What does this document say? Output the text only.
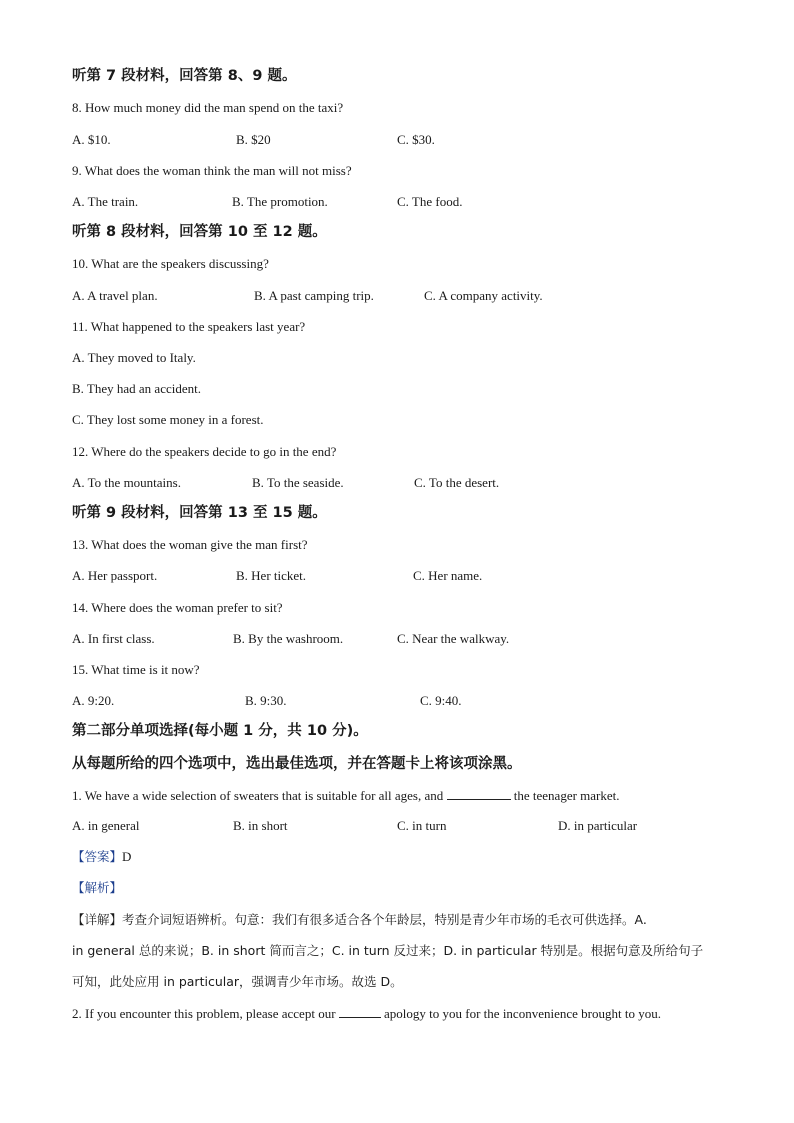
听第 7 段材料，回答第 8、9 题。
8. How much money did the man spend on the taxi?
A. $10.	B. $20	C. $30.
9. What does the woman think the man will not miss?
A. The train.	B. The promotion.	C. The food.
听第 8 段材料，回答第 10 至 12 题。
10. What are the speakers discussing?
A. A travel plan.	B. A past camping trip.	C. A company activity.
11. What happened to the speakers last year?
A. They moved to Italy.
B. They had an accident.
C. They lost some money in a forest.
12. Where do the speakers decide to go in the end?
A. To the mountains.	B. To the seaside.	C. To the desert.
听第 9 段材料，回答第 13 至 15 题。
13. What does the woman give the man first?
A. Her passport.	B. Her ticket.	C. Her name.
14. Where does the woman prefer to sit?
A. In first class.	B. By the washroom.	C. Near the walkway.
15. What time is it now?
A. 9:20.	B. 9:30.	C. 9:40.
第二部分单项选择(每小题 1 分，共 10 分)。
从每题所给的四个选项中，选出最佳选项，并在答题卡上将该项涂黑。
1. We have a wide selection of sweaters that is suitable for all ages, and	the teenager market.
A. in general	B. in short	C. in turn	D. in particular
【答案】D
【解析】
【详解】考查介词短语辨析。句意：我们有很多适合各个年龄层，特别是青少年市场的毛衣可供选择。A.
in general 总的来说；B. in short 简而言之；C. in turn 反过来；D. in particular 特别是。根据句意及所给句子
可知，此处应用 in particular，强调青少年市场。故选 D。
2. If you encounter this problem, please accept our	apology to you for the inconvenience brought to you.
